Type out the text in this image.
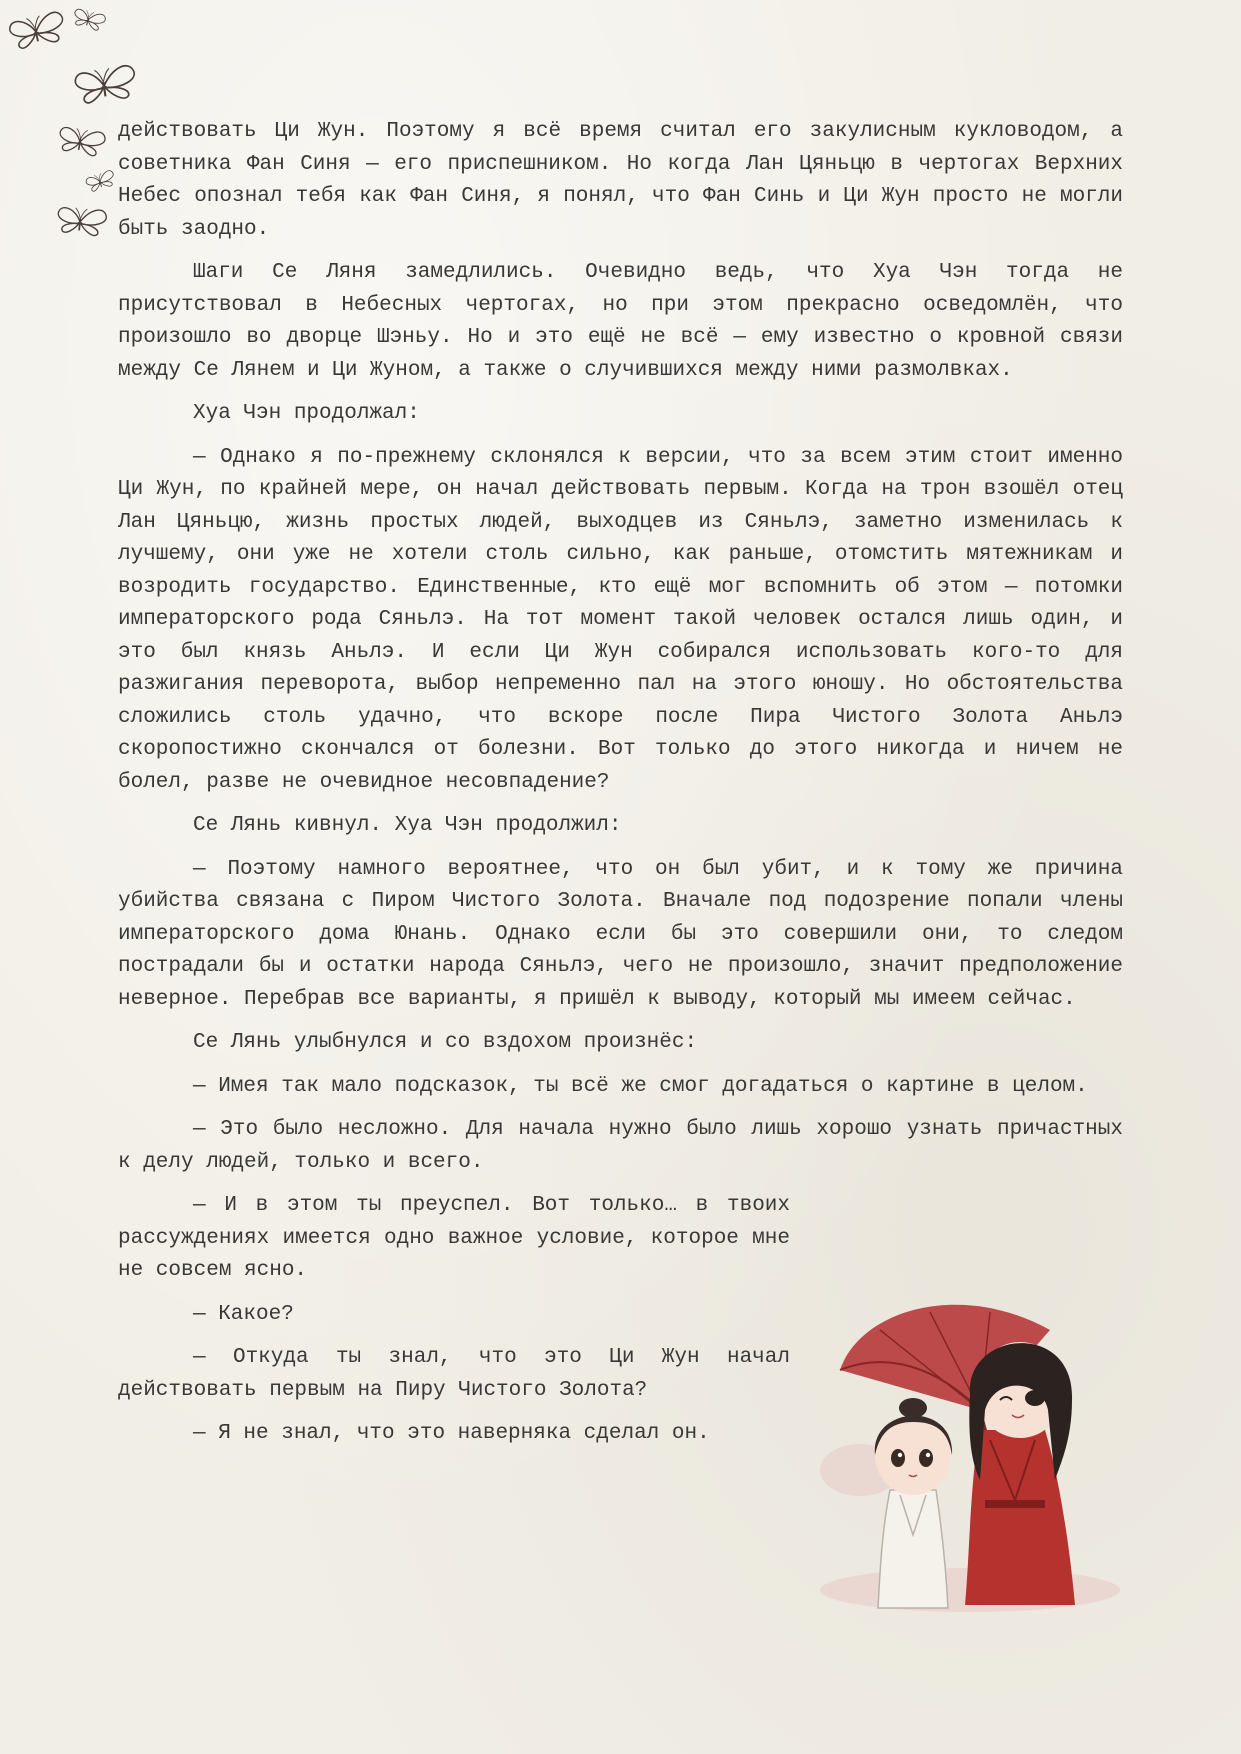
действовать Ци Жун. Поэтому я всё время считал его закулисным кукловодом, а советника Фан Синя — его приспешником. Но когда Лан Цяньцю в чертогах Верхних Небес опознал тебя как Фан Синя, я понял, что Фан Синь и Ци Жун просто не могли быть заодно.

Шаги Се Ляня замедлились. Очевидно ведь, что Хуа Чэн тогда не присутствовал в Небесных чертогах, но при этом прекрасно осведомлён, что произошло во дворце Шэньу. Но и это ещё не всё — ему известно о кровной связи между Се Лянем и Ци Жуном, а также о случившихся между ними размолвках.

Хуа Чэн продолжал:

— Однако я по-прежнему склонялся к версии, что за всем этим стоит именно Ци Жун, по крайней мере, он начал действовать первым. Когда на трон взошёл отец Лан Цяньцю, жизнь простых людей, выходцев из Сяньлэ, заметно изменилась к лучшему, они уже не хотели столь сильно, как раньше, отомстить мятежникам и возродить государство. Единственные, кто ещё мог вспомнить об этом — потомки императорского рода Сяньлэ. На тот момент такой человек остался лишь один, и это был князь Аньлэ. И если Ци Жун собирался использовать кого-то для разжигания переворота, выбор непременно пал на этого юношу. Но обстоятельства сложились столь удачно, что вскоре после Пира Чистого Золота Аньлэ скоропостижно скончался от болезни. Вот только до этого никогда и ничем не болел, разве не очевидное несовпадение?

Се Лянь кивнул. Хуа Чэн продолжил:

— Поэтому намного вероятнее, что он был убит, и к тому же причина убийства связана с Пиром Чистого Золота. Вначале под подозрение попали члены императорского дома Юнань. Однако если бы это совершили они, то следом пострадали бы и остатки народа Сяньлэ, чего не произошло, значит предположение неверное. Перебрав все варианты, я пришёл к выводу, который мы имеем сейчас.

Се Лянь улыбнулся и со вздохом произнёс:

— Имея так мало подсказок, ты всё же смог догадаться о картине в целом.

— Это было несложно. Для начала нужно было лишь хорошо узнать причастных к делу людей, только и всего.

— И в этом ты преуспел. Вот только… в твоих рассуждениях имеется одно важное условие, которое мне не совсем ясно.

— Какое?

— Откуда ты знал, что это Ци Жун начал действовать первым на Пиру Чистого Золота?

— Я не знал, что это наверняка сделал он.
